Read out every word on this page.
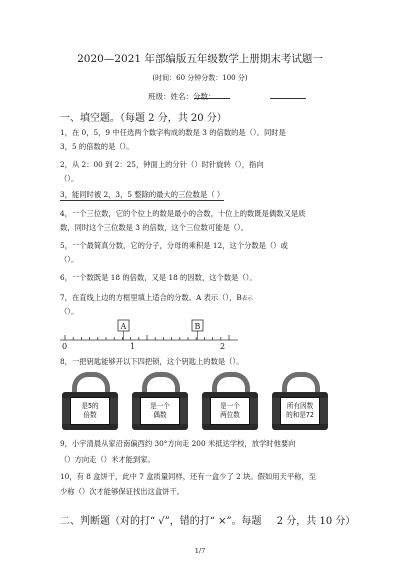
2020—2021 年部编版五年级数学上册期末考试题一
(时间：60 分钟分数：100 分)
班级：姓名：分数：
一、填空题。（每题 2 分，共 20 分）
1，在 0，5，9 中任选两个数字构成的数是 3 的倍数的是（）。同时是
3，5 的倍数的是（）。
2，从 2：00 到 2：25，钟面上的分针（）时针旋转（），指向
（）。
3，能同时被 2，3，5 整除的最大的三位数是（ ）
4，一个三位数，它的个位上的数是最小的合数，十位上的数既是偶数又是质
数，同时这个三位数是 3 的倍数，这个三位数可能是（）。
5，一个最简真分数，它的分子，分母的乘积是 12，这个分数是（）或
（）。
6，一个数既是 18 的倍数，又是 18 的因数，这个数是（）。
7，在直线上边的方框里填上适合的分数。A 表示（），B表示
（）。
A	B
0	1	2
8，一把钥匙能够开以下四把锁，这个钥匙上的数是（）。
是5的
倍数
是一个
偶数
是一个
两位数
所有因数
的和是72
9，小宇清晨从家沿南偏西约 30°方向走 200 米抵达学校，放学时他要向
（）方向走（）米才能到家。
10，有 8 盒饼干，此中 7 盒质量同样，还有一盒少了 2 块。假如用天平称，至
少称（）次才能够保证找出这盒饼干。
二、判断题（对的打“ √”，错的打“ ×”。每题 2 分，共 10 分）
1/7
